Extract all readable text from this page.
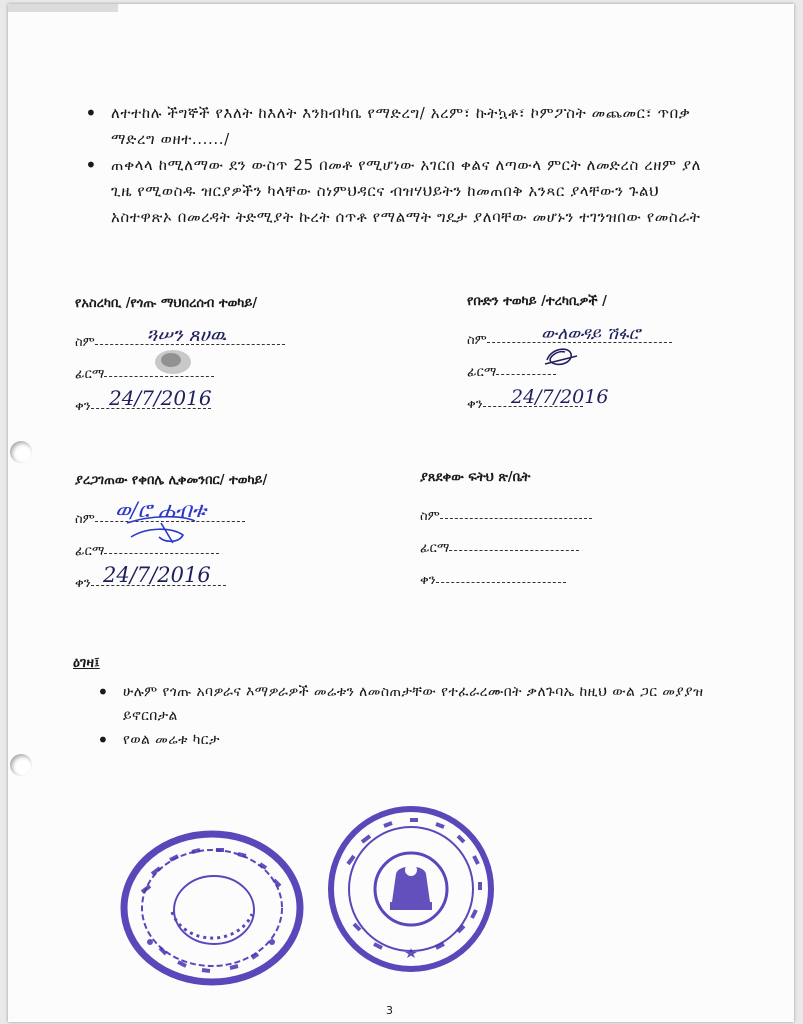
• ለተተከሉ ችግኞች የእለት ከእለት እንክብካቤ የማድረግ/ አረም፣ ኩትኳቶ፣ ኮምፖስት መጨመር፣ ጥበቃ ማድረግ ወዘተ....../
• ጠቀላላ ከሚለማው ደን ውስጥ 25 በመቶ የሚሆነው አገርበ ቀልና ለጣውላ ምርት ለመድረስ ረዘም ያለ ጊዜ የሚወስዱ ዝርያዎችን ካላቸው ስነምህዳርና ብዝሃህይትን ከመጠበቅ አንጻር ያላቸውን ጉልህ አስተዋጽኦ በመረዳት ትድሚያት ኩረት ሰጥቶ የማልማት ግዴታ ያለባቸው መሆኑን ተገንዝበው የመስራት
የአስረካቢ /የጎጡ ማህበረሰብ ተወካይ/
ስም	ጓሠን ጸሀዉ
ፊርማ
ቀን 24/7/2016
የቡድን ተወካይ /ተረካቢዎች /
ስም	ውለወዳይ ሽፋሮ
ፊርማ
ቀን 24/7/2016
ያረጋገጠው የቀበሌ ሊቀመንበር/ ተወካይ/
ስም ወ/ሮ ሐብቱ
ፊርማ
ቀን 24/7/2016
ያጸደቀው ፍትህ ጽ/ቤት
ስም
ፊርማ
ቀን
ዕገዛ፤
• ሁሉም የጎጡ አባዎራና እማዎራዎች መሬቱን ለመስጠታቸው የተፈራረሙበት ቃለጉባኤ ከዚህ ውል ጋር መያያዝ ይኖርበታል
• የወል መሬቱ ካርታ
3
